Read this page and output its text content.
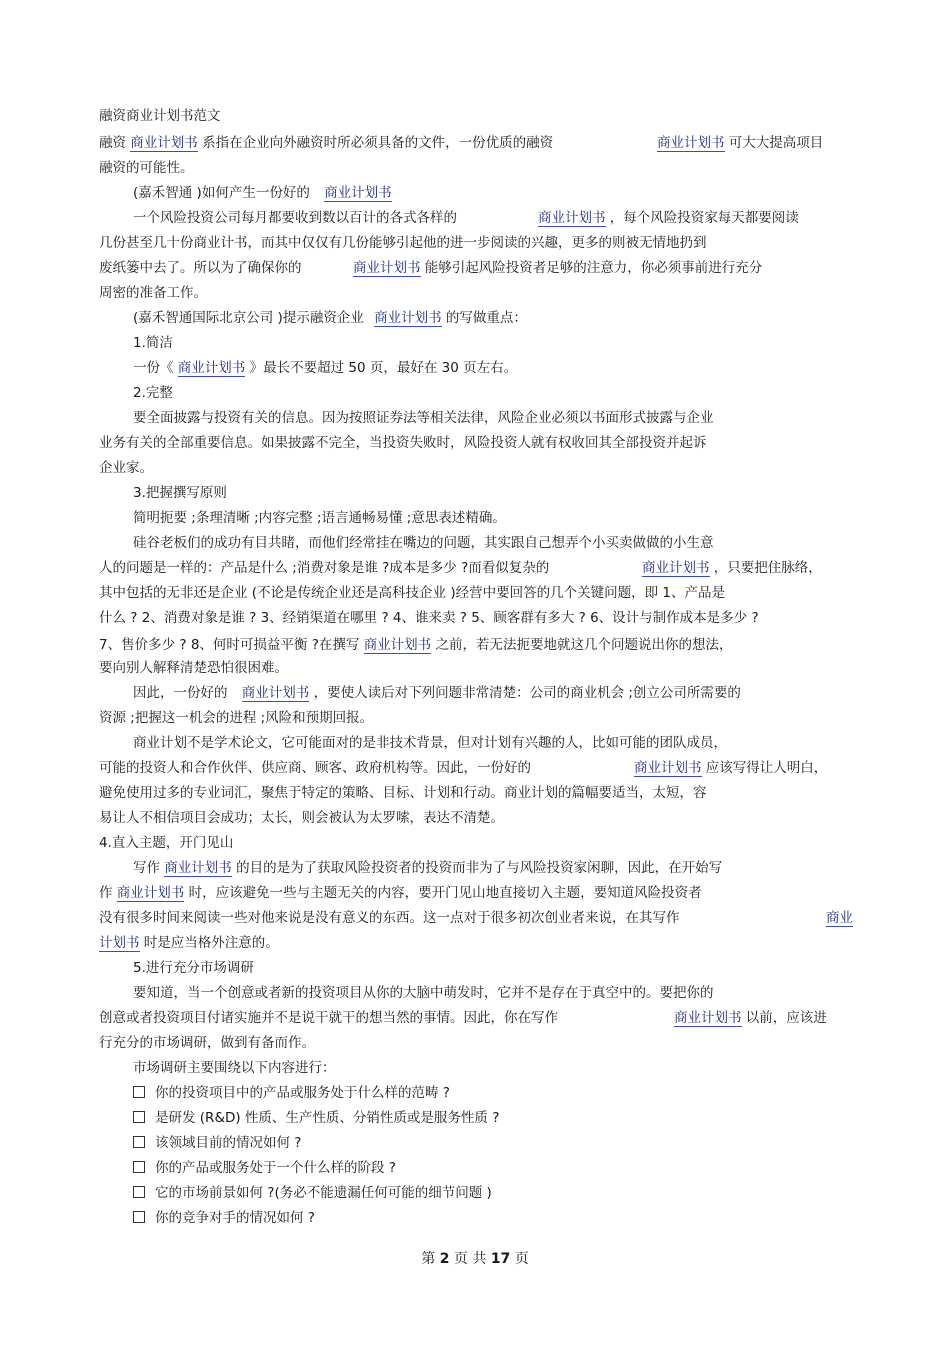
融资商业计划书范文
融资 商业计划书 系指在企业向外融资时所必须具备的文件，一份优质的融资	商业计划书 可大大提高项目
融资的可能性。
(嘉禾智通 )如何产生一份好的 商业计划书
一个风险投资公司每月都要收到数以百计的各式各样的	商业计划书 ，每个风险投资家每天都要阅读
几份甚至几十份商业计书，而其中仅仅有几份能够引起他的进一步阅读的兴趣，更多的则被无情地扔到
废纸篓中去了。所以为了确保你的	商业计划书 能够引起风险投资者足够的注意力，你必须事前进行充分
周密的准备工作。
(嘉禾智通国际北京公司 )提示融资企业 商业计划书 的写做重点：
1.简洁
一份《 商业计划书 》最长不要超过 50 页，最好在 30 页左右。
2.完整
要全面披露与投资有关的信息。因为按照证券法等相关法律，风险企业必须以书面形式披露与企业
业务有关的全部重要信息。如果披露不完全，当投资失败时，风险投资人就有权收回其全部投资并起诉
企业家。
3.把握撰写原则
简明扼要 ;条理清晰 ;内容完整 ;语言通畅易懂 ;意思表述精确。
硅谷老板们的成功有目共睹，而他们经常挂在嘴边的问题，其实跟自己想弄个小买卖做做的小生意
人的问题是一样的：产品是什么 ;消费对象是谁 ?成本是多少 ?而看似复杂的	商业计划书 ，只要把住脉络，
其中包括的无非还是企业 (不论是传统企业还是高科技企业 )经营中要回答的几个关键问题，即 1、产品是
什么 ? 2、消费对象是谁 ? 3、经销渠道在哪里 ? 4、谁来卖 ? 5、顾客群有多大 ? 6、设计与制作成本是多少 ?
7、售价多少 ? 8、何时可损益平衡 ?在撰写 商业计划书 之前，若无法扼要地就这几个问题说出你的想法，
要向别人解释清楚恐怕很困难。
因此，一份好的 商业计划书 ，要使人读后对下列问题非常清楚：公司的商业机会 ;创立公司所需要的
资源 ;把握这一机会的进程 ;风险和预期回报。
商业计划不是学术论文，它可能面对的是非技术背景，但对计划有兴趣的人，比如可能的团队成员，
可能的投资人和合作伙伴、供应商、顾客、政府机构等。因此，一份好的	商业计划书 应该写得让人明白，
避免使用过多的专业词汇，聚焦于特定的策略、目标、计划和行动。商业计划的篇幅要适当，太短，容
易让人不相信项目会成功；太长，则会被认为太罗嗦，表达不清楚。
4.直入主题，开门见山
写作 商业计划书 的目的是为了获取风险投资者的投资而非为了与风险投资家闲聊，因此，在开始写
作 商业计划书 时，应该避免一些与主题无关的内容，要开门见山地直接切入主题，要知道风险投资者
没有很多时间来阅读一些对他来说是没有意义的东西。这一点对于很多初次创业者来说，在其写作	商业
计划书 时是应当格外注意的。
5.进行充分市场调研
要知道，当一个创意或者新的投资项目从你的大脑中萌发时，它并不是存在于真空中的。要把你的
创意或者投资项目付诸实施并不是说干就干的想当然的事情。因此，你在写作	商业计划书 以前，应该进
行充分的市场调研，做到有备而作。
市场调研主要围绕以下内容进行：
你的投资项目中的产品或服务处于什么样的范畴 ?
是研发 (R&D) 性质、生产性质、分销性质或是服务性质 ?
该领域目前的情况如何 ?
你的产品或服务处于一个什么样的阶段 ?
它的市场前景如何 ?(务必不能遗漏任何可能的细节问题 )
你的竞争对手的情况如何 ?
第 2 页 共 17 页
